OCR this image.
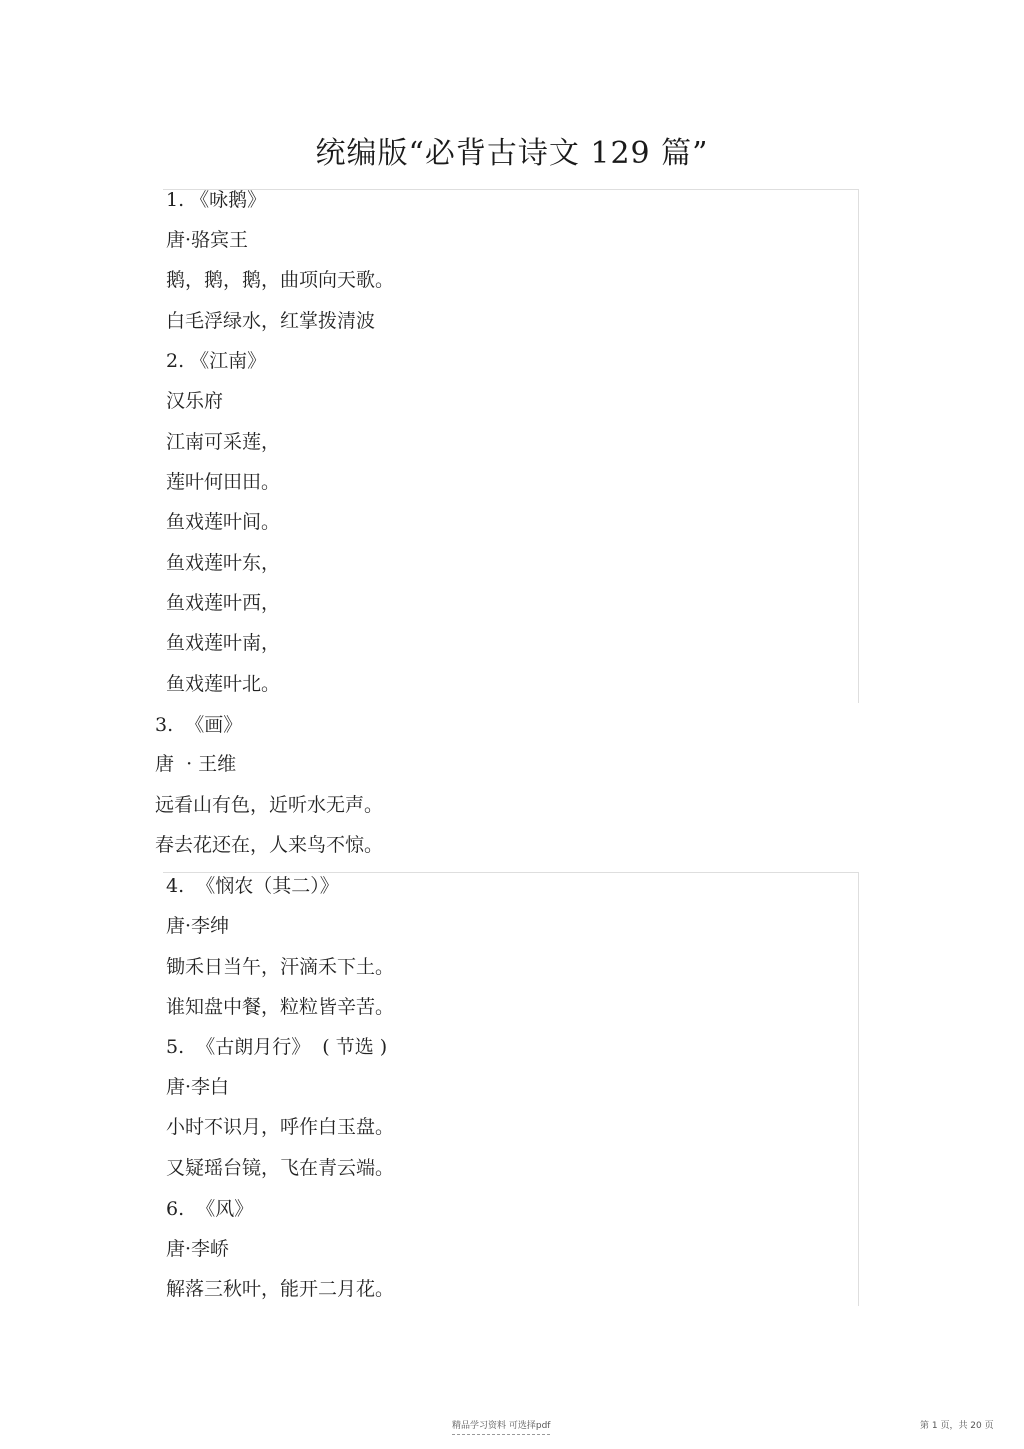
统编版“必背古诗文 129 篇”
1. 《咏鹅》
唐·骆宾王
鹅，鹅，鹅，曲项向天歌。
白毛浮绿水，红掌拨清波
2. 《江南》
汉乐府
江南可采莲，
莲叶何田田。
鱼戏莲叶间。
鱼戏莲叶东，
鱼戏莲叶西，
鱼戏莲叶南，
鱼戏莲叶北。
3.  《画》
唐  · 王维
远看山有色，近听水无声。
春去花还在，人来鸟不惊。
4.  《悯农（其二）》
唐·李绅
锄禾日当午，汗滴禾下土。
谁知盘中餐，粒粒皆辛苦。
5.  《古朗月行》  ( 节选 )
唐·李白
小时不识月，呼作白玉盘。
又疑瑶台镜，飞在青云端。
6.  《风》
唐·李峤
解落三秋叶，能开二月花。
精品学习资料 可选择pdf	第 1 页，共 20 页
